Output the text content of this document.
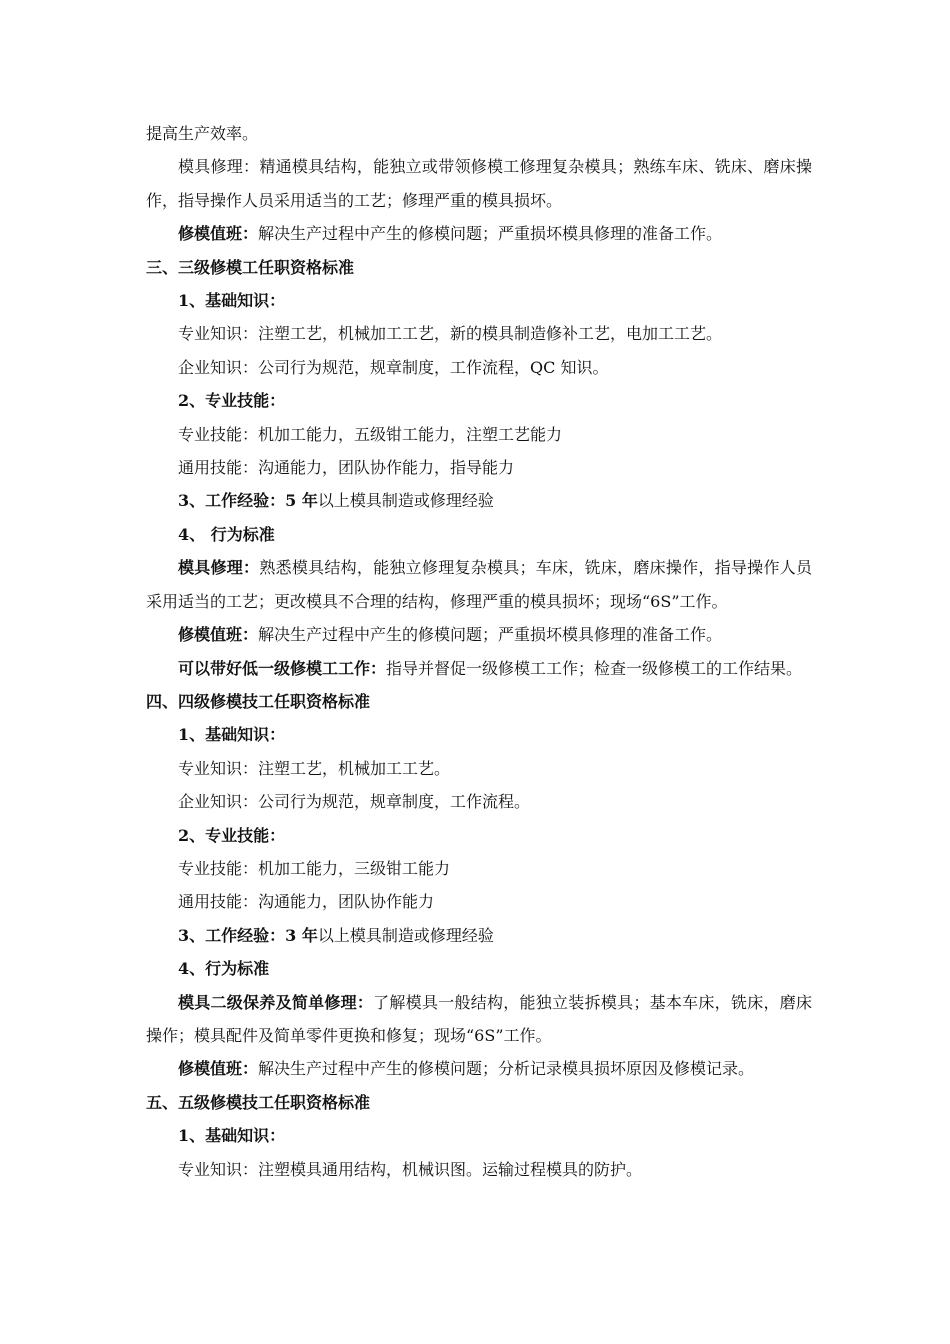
提高生产效率。

模具修理：精通模具结构，能独立或带领修模工修理复杂模具；熟练车床、铣床、磨床操作，指导操作人员采用适当的工艺；修理严重的模具损坏。

修模值班：解决生产过程中产生的修模问题；严重损坏模具修理的准备工作。

三、三级修模工任职资格标准

1、基础知识：

专业知识：注塑工艺，机械加工工艺，新的模具制造修补工艺，电加工工艺。

企业知识：公司行为规范，规章制度，工作流程，QC 知识。

2、专业技能：

专业技能：机加工能力，五级钳工能力，注塑工艺能力

通用技能：沟通能力，团队协作能力，指导能力

3、工作经验：5 年以上模具制造或修理经验

4、 行为标准

模具修理：熟悉模具结构，能独立修理复杂模具；车床，铣床，磨床操作，指导操作人员采用适当的工艺；更改模具不合理的结构，修理严重的模具损坏；现场“6S”工作。

修模值班：解决生产过程中产生的修模问题；严重损坏模具修理的准备工作。

可以带好低一级修模工工作：指导并督促一级修模工工作；检查一级修模工的工作结果。

四、四级修模技工任职资格标准

1、基础知识：

专业知识：注塑工艺，机械加工工艺。

企业知识：公司行为规范，规章制度，工作流程。

2、专业技能：

专业技能：机加工能力，三级钳工能力

通用技能：沟通能力，团队协作能力

3、工作经验：3 年以上模具制造或修理经验

4、行为标准

模具二级保养及简单修理：了解模具一般结构，能独立装拆模具；基本车床，铣床，磨床操作；模具配件及简单零件更换和修复；现场“6S”工作。

修模值班：解决生产过程中产生的修模问题；分析记录模具损坏原因及修模记录。

五、五级修模技工任职资格标准

1、基础知识：

专业知识：注塑模具通用结构，机械识图。运输过程模具的防护。
